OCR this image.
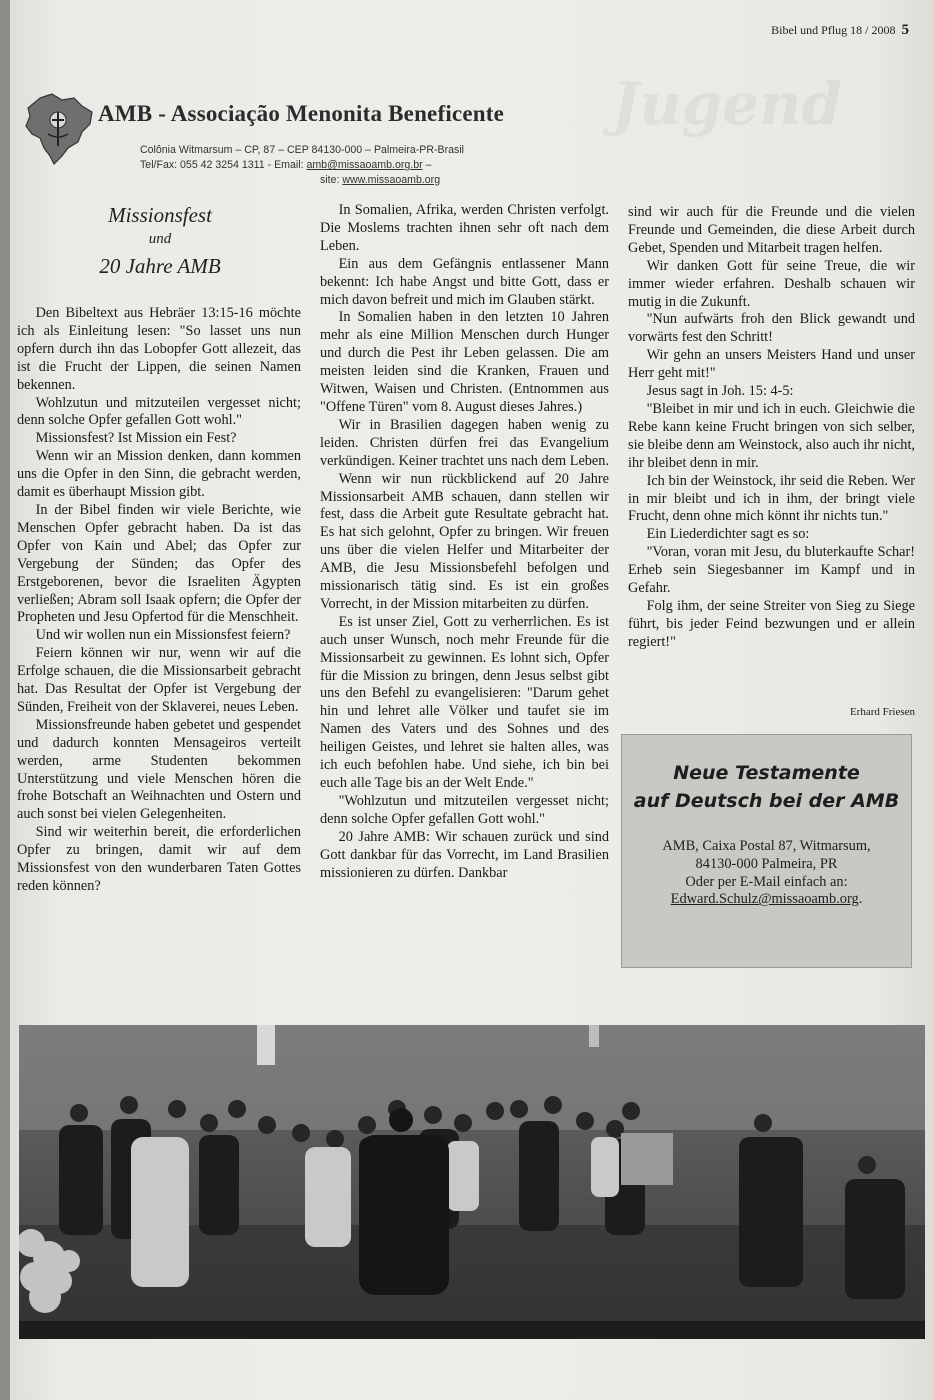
Bibel und Pflug 18 / 2008 5
Jugend
AMB - Associação Menonita Beneficente
Colônia Witmarsum – CP, 87 – CEP 84130-000 – Palmeira-PR-Brasil
Tel/Fax: 055 42 3254 1311 - Email: amb@missaoamb.org.br –
site: www.missaoamb.org
Missionsfest
und
20 Jahre AMB

Den Bibeltext aus Hebräer 13:15-16 möchte ich als Einleitung lesen: "So lasset uns nun opfern durch ihn das Lobopfer Gott allezeit, das ist die Frucht der Lippen, die seinen Namen bekennen.

Wohlzutun und mitzuteilen vergesset nicht; denn solche Opfer gefallen Gott wohl."

Missionsfest? Ist Mission ein Fest?

Wenn wir an Mission denken, dann kommen uns die Opfer in den Sinn, die gebracht werden, damit es überhaupt Mission gibt.

In der Bibel finden wir viele Berichte, wie Menschen Opfer gebracht haben. Da ist das Opfer von Kain und Abel; das Opfer zur Vergebung der Sünden; das Opfer des Erstgeborenen, bevor die Israeliten Ägypten verließen; Abram soll Isaak opfern; die Opfer der Propheten und Jesu Opfertod für die Menschheit.

Und wir wollen nun ein Missionsfest feiern?

Feiern können wir nur, wenn wir auf die Erfolge schauen, die die Missionsarbeit gebracht hat. Das Resultat der Opfer ist Vergebung der Sünden, Freiheit von der Sklaverei, neues Leben.

Missionsfreunde haben gebetet und gespendet und dadurch konnten Mensageiros verteilt werden, arme Studenten bekommen Unterstützung und viele Menschen hören die frohe Botschaft an Weihnachten und Ostern und auch sonst bei vielen Gelegenheiten.

Sind wir weiterhin bereit, die erforderlichen Opfer zu bringen, damit wir auf dem Missionsfest von den wunderbaren Taten Gottes reden können?

In Somalien, Afrika, werden Christen verfolgt. Die Moslems trachten ihnen sehr oft nach dem Leben.

Ein aus dem Gefängnis entlassener Mann bekennt: Ich habe Angst und bitte Gott, dass er mich davon befreit und mich im Glauben stärkt.

In Somalien haben in den letzten 10 Jahren mehr als eine Million Menschen durch Hunger und durch die Pest ihr Leben gelassen. Die am meisten leiden sind die Kranken, Frauen und Witwen, Waisen und Christen. (Entnommen aus "Offene Türen" vom 8. August dieses Jahres.)

Wir in Brasilien dagegen haben wenig zu leiden. Christen dürfen frei das Evangelium verkündigen. Keiner trachtet uns nach dem Leben.

Wenn wir nun rückblickend auf 20 Jahre Missionsarbeit AMB schauen, dann stellen wir fest, dass die Arbeit gute Resultate gebracht hat. Es hat sich gelohnt, Opfer zu bringen. Wir freuen uns über die vielen Helfer und Mitarbeiter der AMB, die Jesu Missionsbefehl befolgen und missionarisch tätig sind. Es ist ein großes Vorrecht, in der Mission mitarbeiten zu dürfen.

Es ist unser Ziel, Gott zu verherrlichen. Es ist auch unser Wunsch, noch mehr Freunde für die Missionsarbeit zu gewinnen. Es lohnt sich, Opfer für die Mission zu bringen, denn Jesus selbst gibt uns den Befehl zu evangelisieren: "Darum gehet hin und lehret alle Völker und taufet sie im Namen des Vaters und des Sohnes und des heiligen Geistes, und lehret sie halten alles, was ich euch befohlen habe. Und siehe, ich bin bei euch alle Tage bis an der Welt Ende."

"Wohlzutun und mitzuteilen vergesset nicht; denn solche Opfer gefallen Gott wohl."

20 Jahre AMB: Wir schauen zurück und sind Gott dankbar für das Vorrecht, im Land Brasilien missionieren zu dürfen. Dankbar

sind wir auch für die Freunde und die vielen Freunde und Gemeinden, die diese Arbeit durch Gebet, Spenden und Mitarbeit tragen helfen.

Wir danken Gott für seine Treue, die wir immer wieder erfahren. Deshalb schauen wir mutig in die Zukunft.

"Nun aufwärts froh den Blick gewandt und vorwärts fest den Schritt!

Wir gehn an unsers Meisters Hand und unser Herr geht mit!"

Jesus sagt in Joh. 15: 4-5:

"Bleibet in mir und ich in euch. Gleichwie die Rebe kann keine Frucht bringen von sich selber, sie bleibe denn am Weinstock, also auch ihr nicht, ihr bleibet denn in mir.

Ich bin der Weinstock, ihr seid die Reben. Wer in mir bleibt und ich in ihm, der bringt viele Frucht, denn ohne mich könnt ihr nichts tun."

Ein Liederdichter sagt es so:

"Voran, voran mit Jesu, du bluterkaufte Schar! Erheb sein Siegesbanner im Kampf und in Gefahr.

Folg ihm, der seine Streiter von Sieg zu Siege führt, bis jeder Feind bezwungen und er allein regiert!"

Erhard Friesen
Neue Testamente
auf Deutsch bei der AMB
AMB, Caixa Postal 87, Witmarsum,
84130-000 Palmeira, PR
Oder per E-Mail einfach an:
Edward.Schulz@missaoamb.org.
